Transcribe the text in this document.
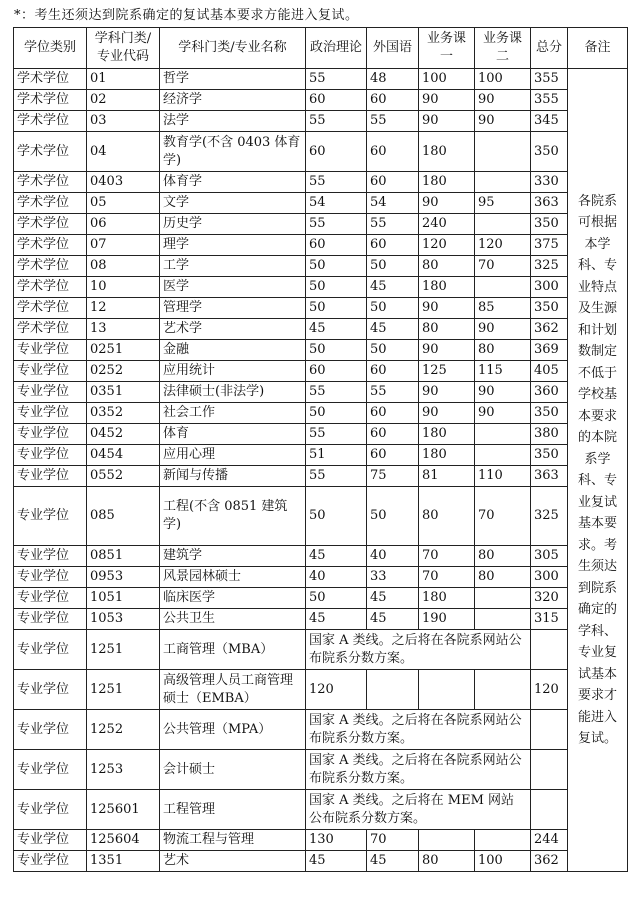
*：考生还须达到院系确定的复试基本要求方能进入复试。
学位类别	学科门类/专业代码	学科门类/专业名称	政治理论	外国语	业务课一	业务课二	总分	备注
学术学位	01	哲学	55	48	100	100	355	各院系可根据本学科、专业特点及生源和计划数制定不低于学校基本要求的本院系学科、专业复试基本要求。考生须达到院系确定的学科、专业复试基本要求才能进入复试。
学术学位	02	经济学	60	60	90	90	355	
学术学位	03	法学	55	55	90	90	345	
学术学位	04	教育学(不含 0403 体育学)	60	60	180		350	
学术学位	0403	体育学	55	60	180		330	
学术学位	05	文学	54	54	90	95	363	
学术学位	06	历史学	55	55	240		350	
学术学位	07	理学	60	60	120	120	375	
学术学位	08	工学	50	50	80	70	325	
学术学位	10	医学	50	45	180		300	
学术学位	12	管理学	50	50	90	85	350	
学术学位	13	艺术学	45	45	80	90	362	
专业学位	0251	金融	50	50	90	80	369	
专业学位	0252	应用统计	60	60	125	115	405	
专业学位	0351	法律硕士(非法学)	55	55	90	90	360	
专业学位	0352	社会工作	50	60	90	90	350	
专业学位	0452	体育	55	60	180		380	
专业学位	0454	应用心理	51	60	180		350	
专业学位	0552	新闻与传播	55	75	81	110	363	
专业学位	085	工程(不含 0851 建筑学)	50	50	80	70	325	
专业学位	0851	建筑学	45	40	70	80	305	
专业学位	0953	风景园林硕士	40	33	70	80	300	
专业学位	1051	临床医学	50	45	180		320	
专业学位	1053	公共卫生	45	45	190		315	
专业学位	1251	工商管理（MBA）	国家 A 类线。之后将在各院系网站公布院系分数方案。					
专业学位	1251	高级管理人员工商管理硕士（EMBA）	120				120	
专业学位	1252	公共管理（MPA）	国家 A 类线。之后将在各院系网站公布院系分数方案。					
专业学位	1253	会计硕士	国家 A 类线。之后将在各院系网站公布院系分数方案。					
专业学位	125601	工程管理	国家 A 类线。之后将在 MEM 网站公布院系分数方案。					
专业学位	125604	物流工程与管理	130	70			244	
专业学位	1351	艺术	45	45	80	100	362	
